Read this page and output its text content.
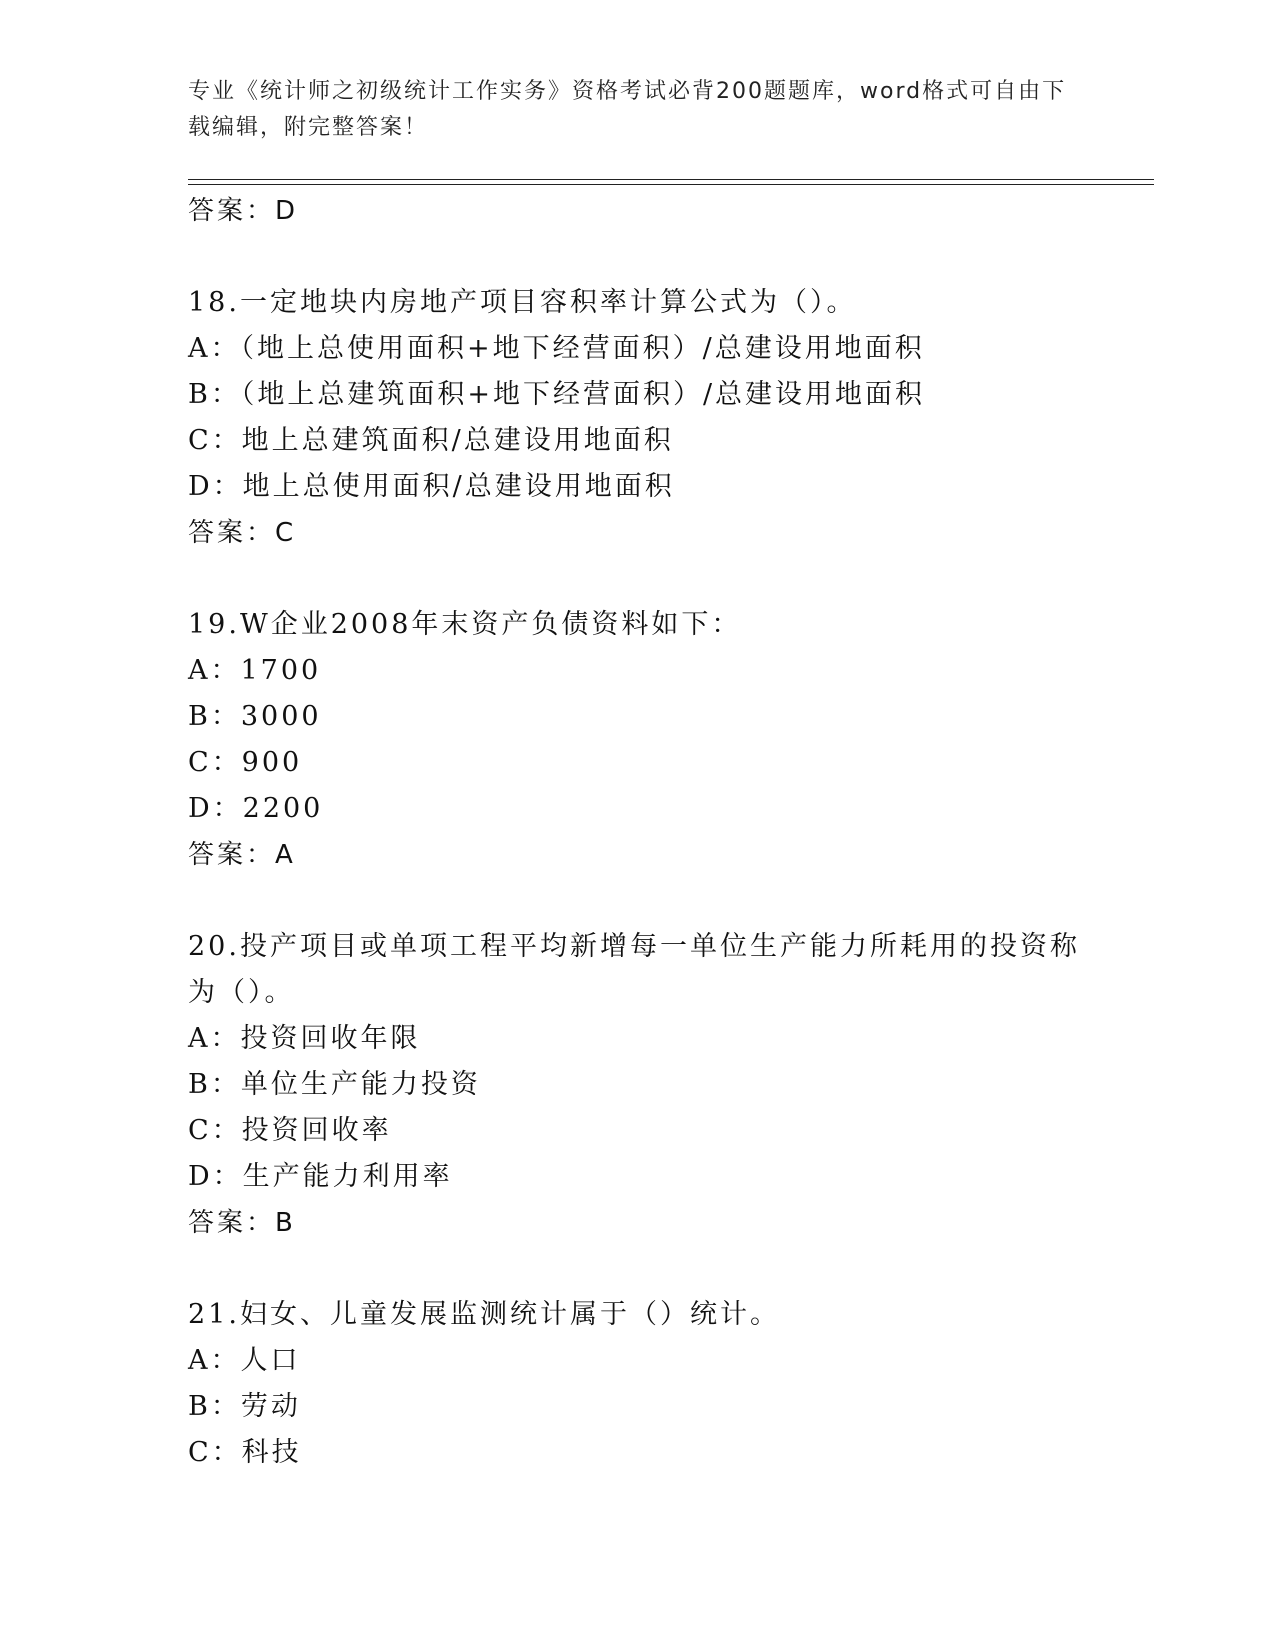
专业《统计师之初级统计工作实务》资格考试必背200题题库，word格式可自由下载编辑，附完整答案！
答案：D
18.一定地块内房地产项目容积率计算公式为（）。
A：（地上总使用面积+地下经营面积）/总建设用地面积
B：（地上总建筑面积+地下经营面积）/总建设用地面积
C：地上总建筑面积/总建设用地面积
D：地上总使用面积/总建设用地面积
答案：C
19.W企业2008年末资产负债资料如下：
A：1700
B：3000
C：900
D：2200
答案：A
20.投产项目或单项工程平均新增每一单位生产能力所耗用的投资称为（）。
A：投资回收年限
B：单位生产能力投资
C：投资回收率
D：生产能力利用率
答案：B
21.妇女、儿童发展监测统计属于（）统计。
A：人口
B：劳动
C：科技
